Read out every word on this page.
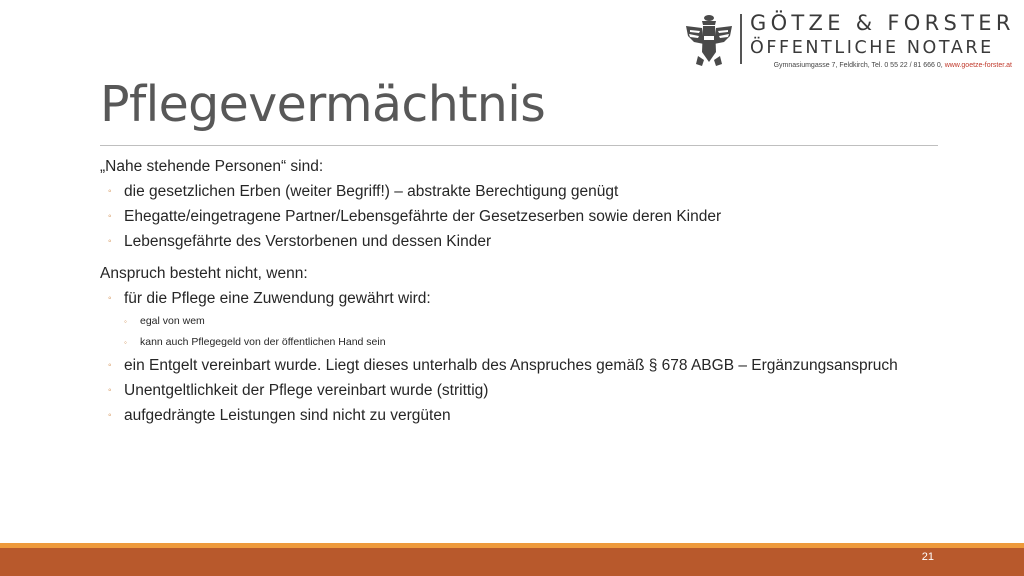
GÖTZE & FORSTER
ÖFFENTLICHE NOTARE
Gymnasiumgasse 7, Feldkirch, Tel. 0 55 22 / 81 666 0, www.goetze-forster.at
Pflegevermächtnis

„Nahe stehende Personen“ sind:

◦ die gesetzlichen Erben (weiter Begriff!) – abstrakte Berechtigung genügt
◦ Ehegatte/eingetragene Partner/Lebensgefährte der Gesetzeserben sowie deren Kinder
◦ Lebensgefährte des Verstorbenen und dessen Kinder

Anspruch besteht nicht, wenn:

◦ für die Pflege eine Zuwendung gewährt wird:
◦ egal von wem
◦ kann auch Pflegegeld von der öffentlichen Hand sein
◦ ein Entgelt vereinbart wurde. Liegt dieses unterhalb des Anspruches gemäß § 678 ABGB – Ergänzungsanspruch
◦ Unentgeltlichkeit der Pflege vereinbart wurde (strittig)
◦ aufgedrängte Leistungen sind nicht zu vergüten
21
